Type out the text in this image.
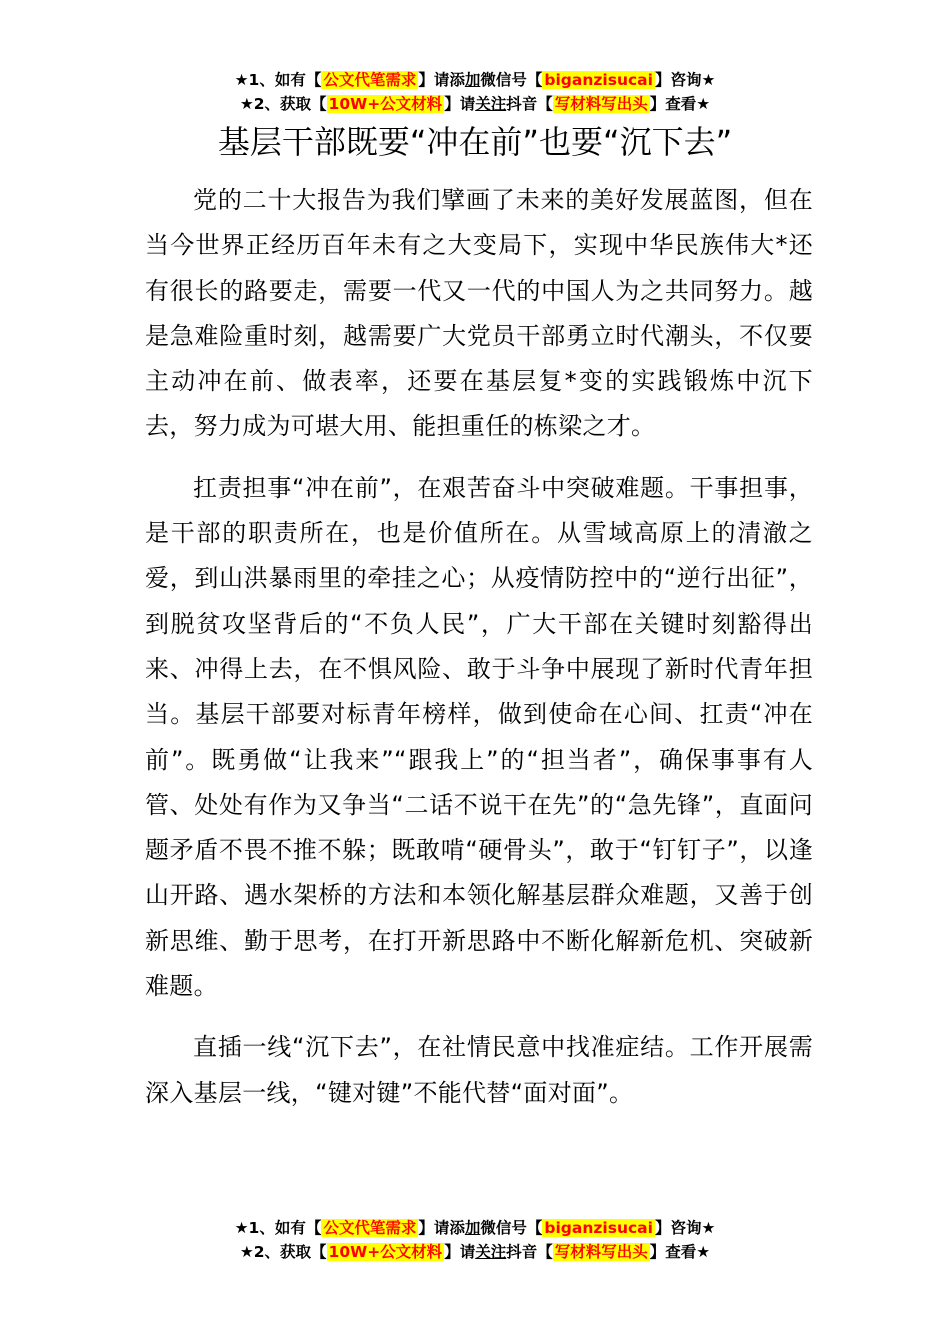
★1、如有【 公文代笔需求 】请添加微信号【 biganzisucai 】咨询★
★2、获取【 10W+公文材料 】请关注抖音【 写材料写出头 】查看★
基层干部既要“冲在前”也要“沉下去”

党的二十大报告为我们擘画了未来的美好发展蓝图，但在当今世界正经历百年未有之大变局下，实现中华民族伟大*还有很长的路要走，需要一代又一代的中国人为之共同努力。越是急难险重时刻，越需要广大党员干部勇立时代潮头，不仅要主动冲在前、做表率，还要在基层复*变的实践锻炼中沉下去，努力成为可堪大用、能担重任的栋梁之才。

扛责担事“冲在前”，在艰苦奋斗中突破难题。干事担事，是干部的职责所在，也是价值所在。从雪域高原上的清澈之爱，到山洪暴雨里的牵挂之心；从疫情防控中的“逆行出征”，到脱贫攻坚背后的“不负人民”，广大干部在关键时刻豁得出来、冲得上去，在不惧风险、敢于斗争中展现了新时代青年担当。基层干部要对标青年榜样，做到使命在心间、扛责“冲在前”。既勇做“让我来”“跟我上”的“担当者”，确保事事有人管、处处有作为又争当“二话不说干在先”的“急先锋”，直面问题矛盾不畏不推不躲；既敢啃“硬骨头”，敢于“钉钉子”，以逢山开路、遇水架桥的方法和本领化解基层群众难题，又善于创新思维、勤于思考，在打开新思路中不断化解新危机、突破新难题。

直插一线“沉下去”，在社情民意中找准症结。工作开展需深入基层一线，“键对键”不能代替“面对面”。

★1、如有【 公文代笔需求 】请添加微信号【 biganzisucai 】咨询★
★2、获取【 10W+公文材料 】请关注抖音【 写材料写出头 】查看★
